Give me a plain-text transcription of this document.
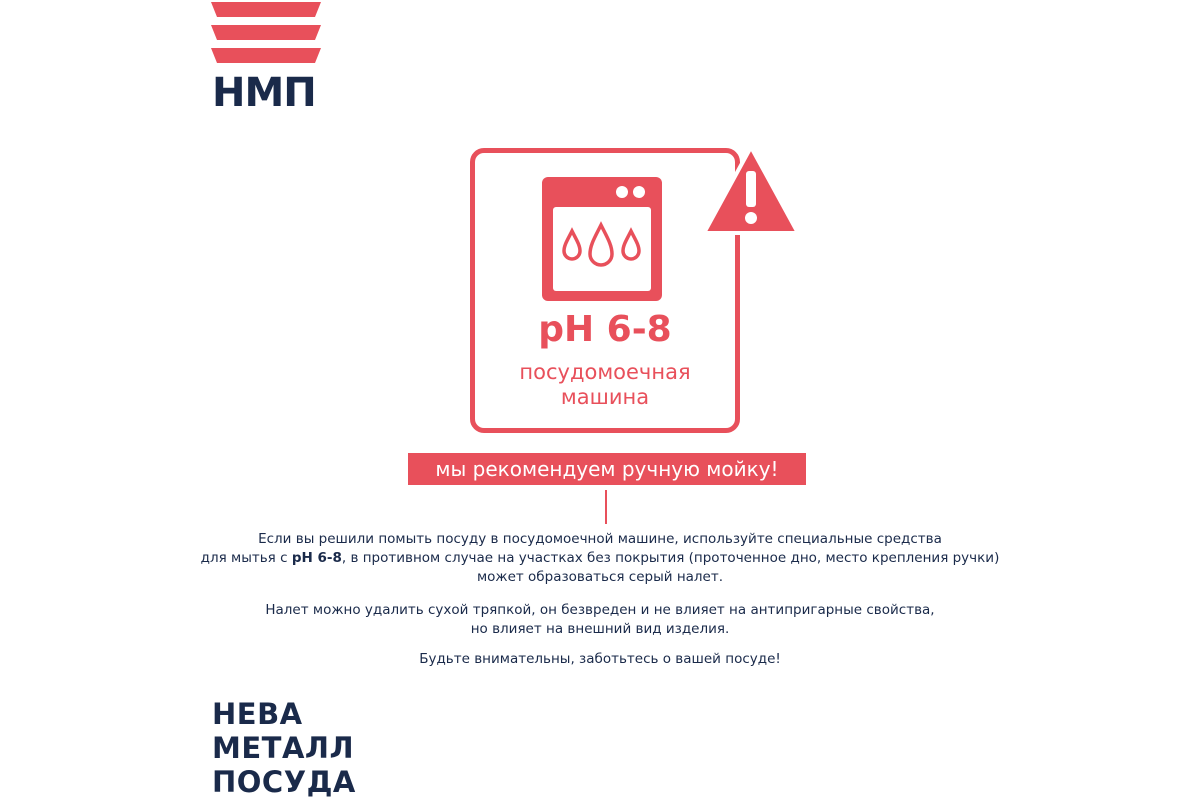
НМП
pH 6-8
посудомоечная
машина
мы рекомендуем ручную мойку!
Если вы решили помыть посуду в посудомоечной машине, используйте специальные средства
для мытья с pH 6-8, в противном случае на участках без покрытия (проточенное дно, место крепления ручки)
может образоваться серый налет.
Налет можно удалить сухой тряпкой, он безвреден и не влияет на антипригарные свойства,
но влияет на внешний вид изделия.
Будьте внимательны, заботьтесь о вашей посуде!
НЕВА
МЕТАЛЛ
ПОСУДА
